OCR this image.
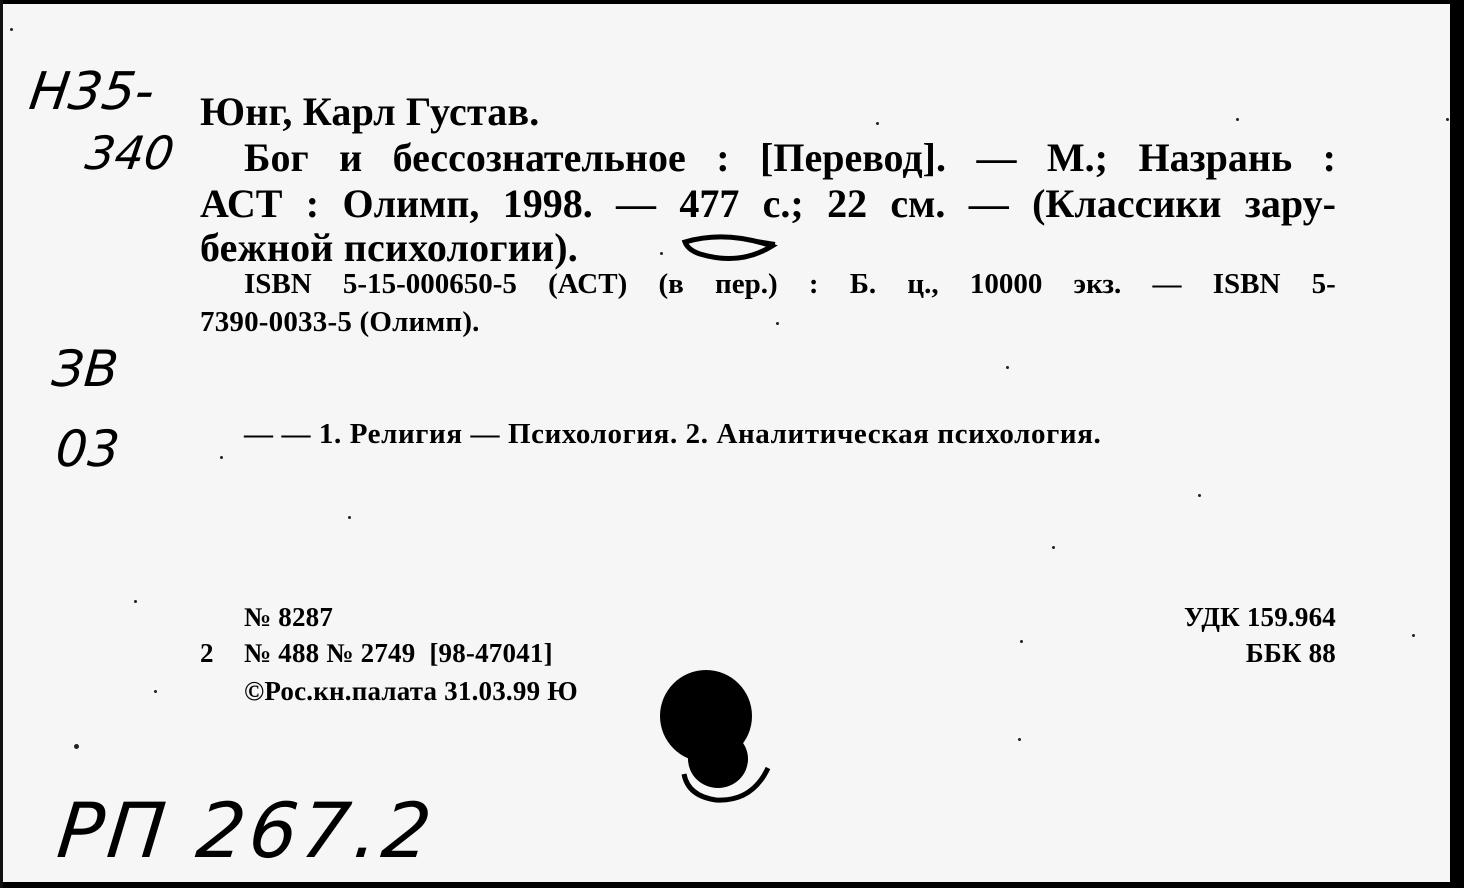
Н35-
340
ЗВ
03
РП 267.2
Юнг, Карл Густав.
Бог и бессознательное : [Перевод]. — М.; Назрань :
АСТ : Олимп, 1998. — 477 с.; 22 см. — (Классики зару-
бежной психологии).
ISBN 5-15-000650-5 (АСТ) (в пер.) : Б. ц., 10000 экз. — ISBN 5-
7390-0033-5 (Олимп).
— — 1. Религия — Психология. 2. Аналитическая психология.
№ 8287
2 № 488 № 2749  [98-47041]
©Рос.кн.палата 31.03.99 Ю
УДК 159.964
ББК 88
